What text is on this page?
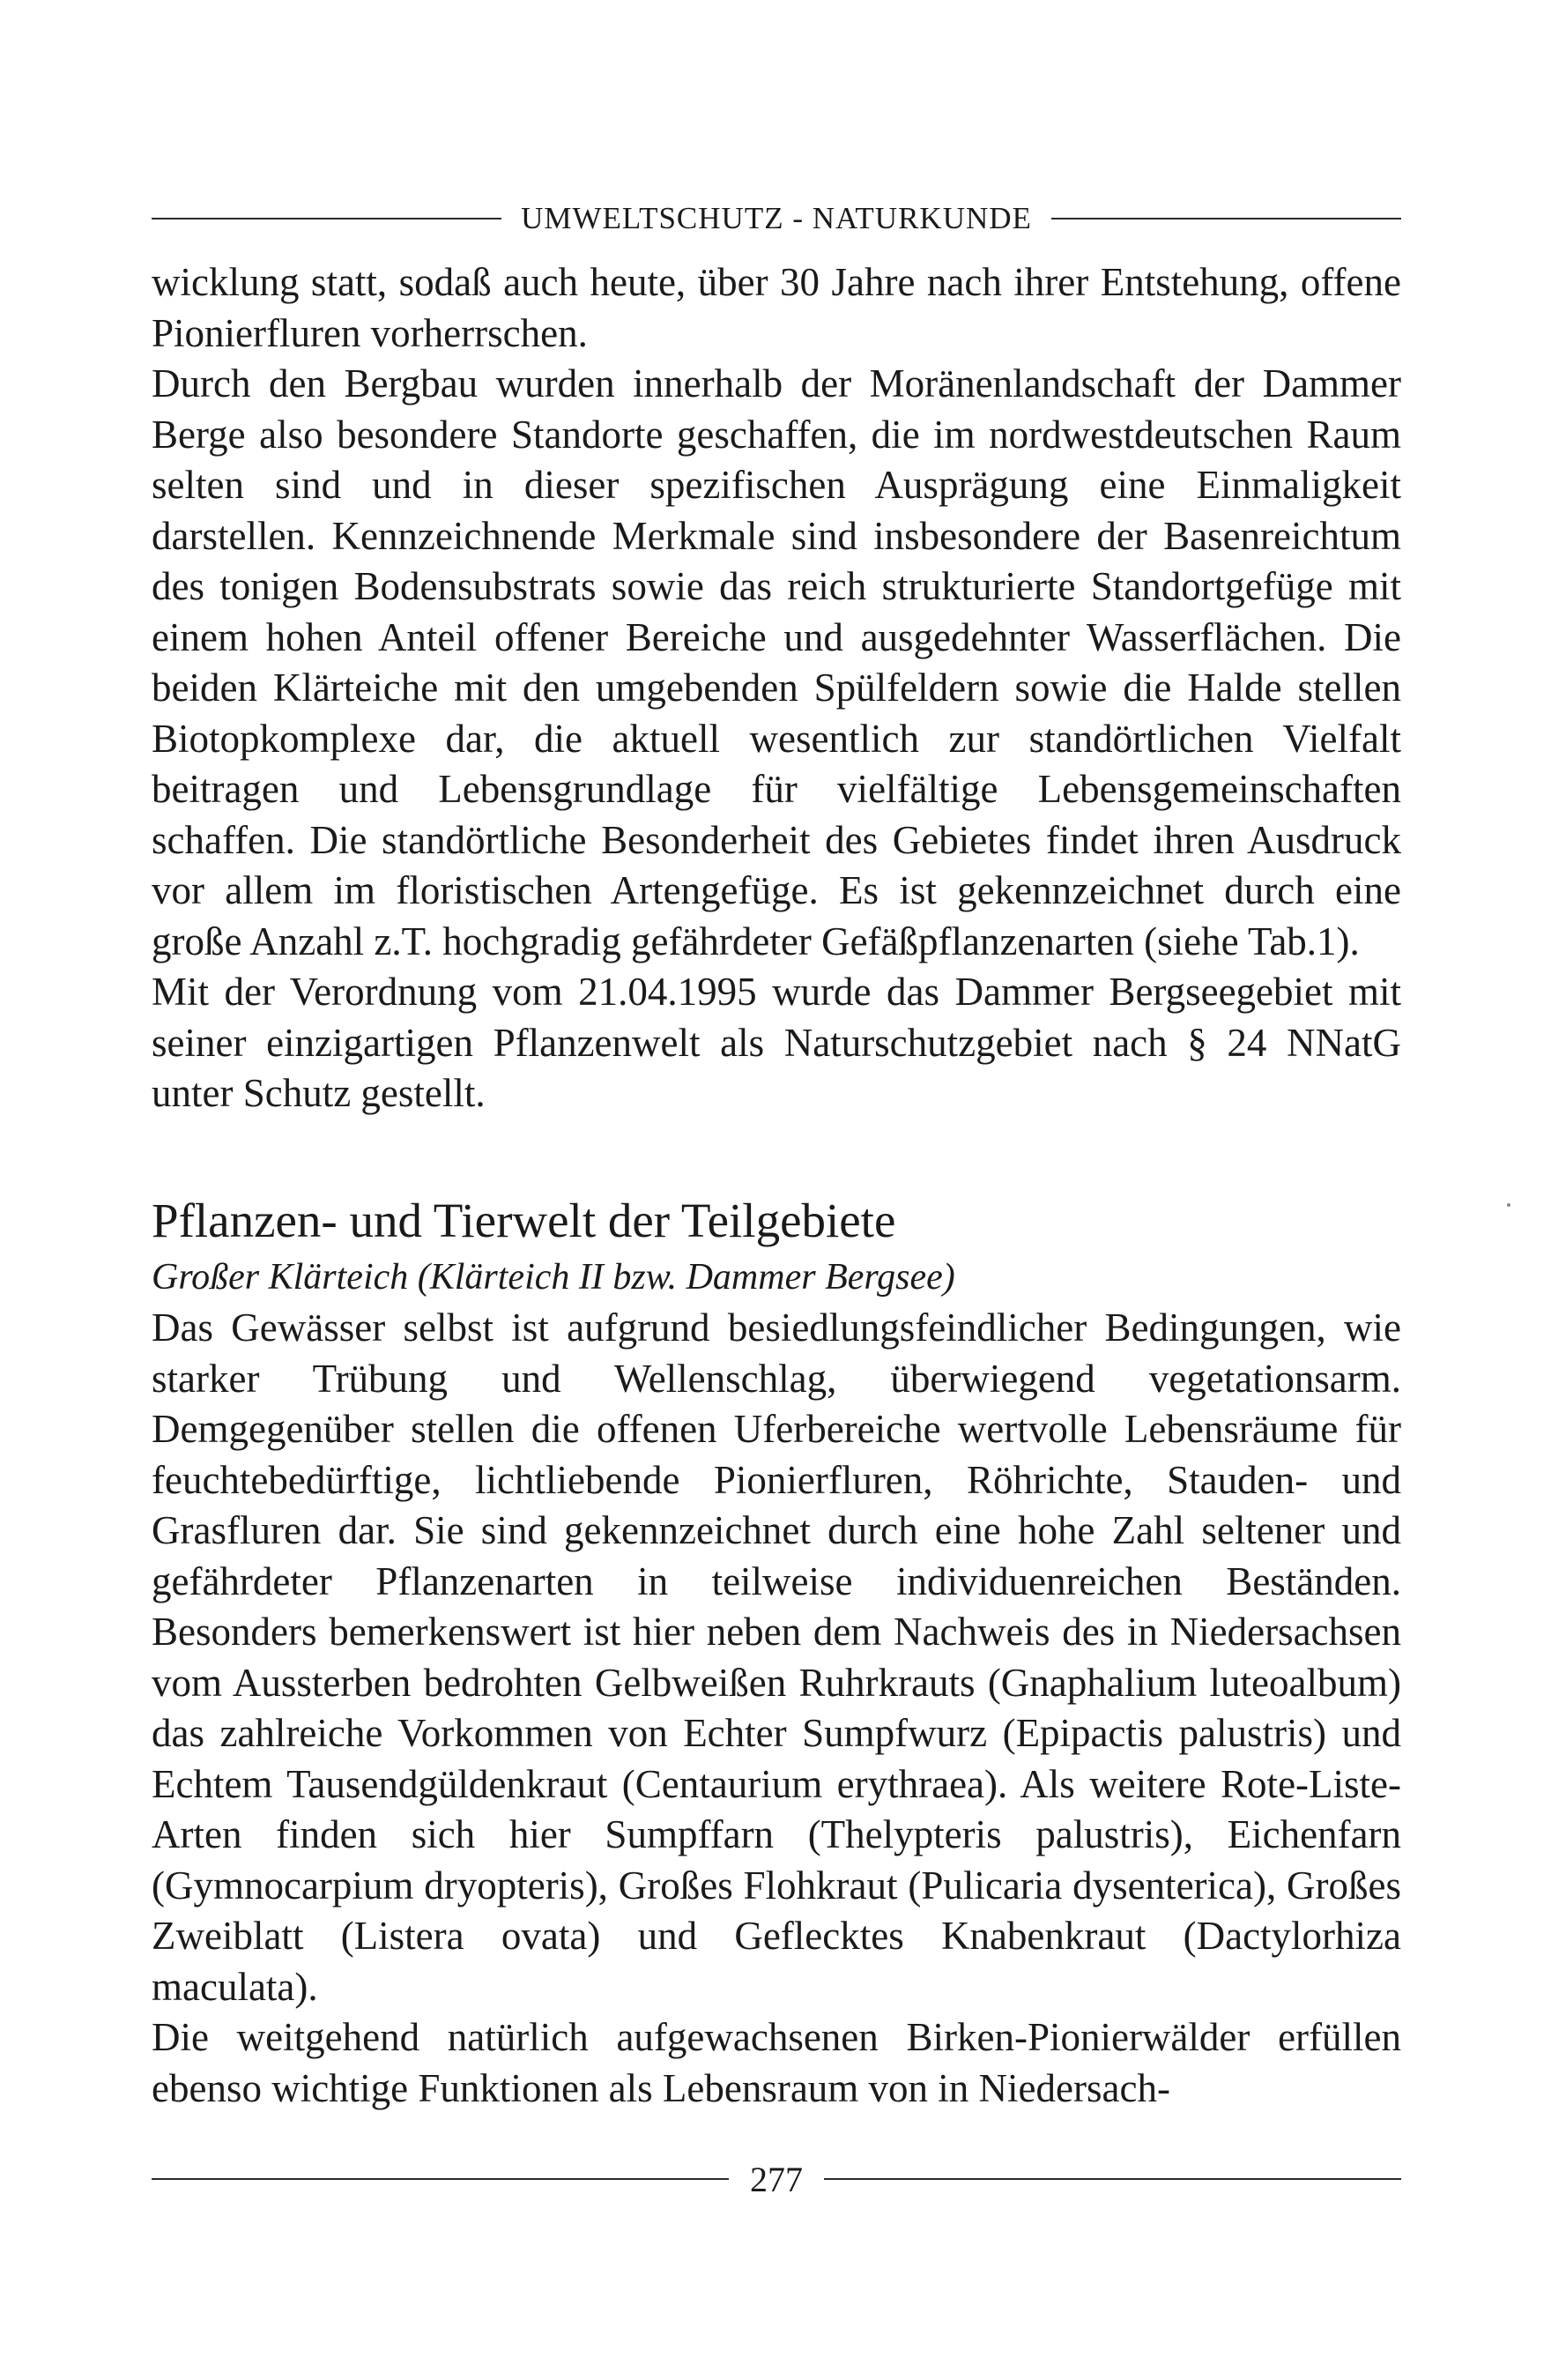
UMWELTSCHUTZ - NATURKUNDE

wicklung statt, sodaß auch heute, über 30 Jahre nach ihrer Entstehung, offene Pionierfluren vorherrschen.

Durch den Bergbau wurden innerhalb der Moränenlandschaft der Dammer Berge also besondere Standorte geschaffen, die im nordwestdeutschen Raum selten sind und in dieser spezifischen Ausprägung eine Einmaligkeit darstellen. Kennzeichnende Merkmale sind insbesondere der Basenreichtum des tonigen Bodensubstrats sowie das reich strukturierte Standortgefüge mit einem hohen Anteil offener Bereiche und ausgedehnter Wasserflächen. Die beiden Klärteiche mit den umgebenden Spülfeldern sowie die Halde stellen Biotopkomplexe dar, die aktuell wesentlich zur standörtlichen Vielfalt beitragen und Lebensgrundlage für vielfältige Lebensgemeinschaften schaffen. Die standörtliche Besonderheit des Gebietes findet ihren Ausdruck vor allem im floristischen Artengefüge. Es ist gekennzeichnet durch eine große Anzahl z.T. hochgradig gefährdeter Gefäßpflanzenarten (siehe Tab.1).

Mit der Verordnung vom 21.04.1995 wurde das Dammer Bergseegebiet mit seiner einzigartigen Pflanzenwelt als Naturschutzgebiet nach § 24 NNatG unter Schutz gestellt.

Pflanzen- und Tierwelt der Teilgebiete
Großer Klärteich (Klärteich II bzw. Dammer Bergsee)

Das Gewässer selbst ist aufgrund besiedlungsfeindlicher Bedingungen, wie starker Trübung und Wellenschlag, überwiegend vegetationsarm. Demgegenüber stellen die offenen Uferbereiche wertvolle Lebensräume für feuchtebedürftige, lichtliebende Pionierfluren, Röhrichte, Stauden- und Grasfluren dar. Sie sind gekennzeichnet durch eine hohe Zahl seltener und gefährdeter Pflanzenarten in teilweise individuenreichen Beständen. Besonders bemerkenswert ist hier neben dem Nachweis des in Niedersachsen vom Aussterben bedrohten Gelbweißen Ruhrkrauts (Gnaphalium luteoalbum) das zahlreiche Vorkommen von Echter Sumpfwurz (Epipactis palustris) und Echtem Tausendgüldenkraut (Centaurium erythraea). Als weitere Rote-Liste-Arten finden sich hier Sumpffarn (Thelypteris palustris), Eichenfarn (Gymnocarpium dryopteris), Großes Flohkraut (Pulicaria dysenterica), Großes Zweiblatt (Listera ovata) und Geflecktes Knabenkraut (Dactylorhiza maculata).

Die weitgehend natürlich aufgewachsenen Birken-Pionierwälder erfüllen ebenso wichtige Funktionen als Lebensraum von in Niedersach-

277
